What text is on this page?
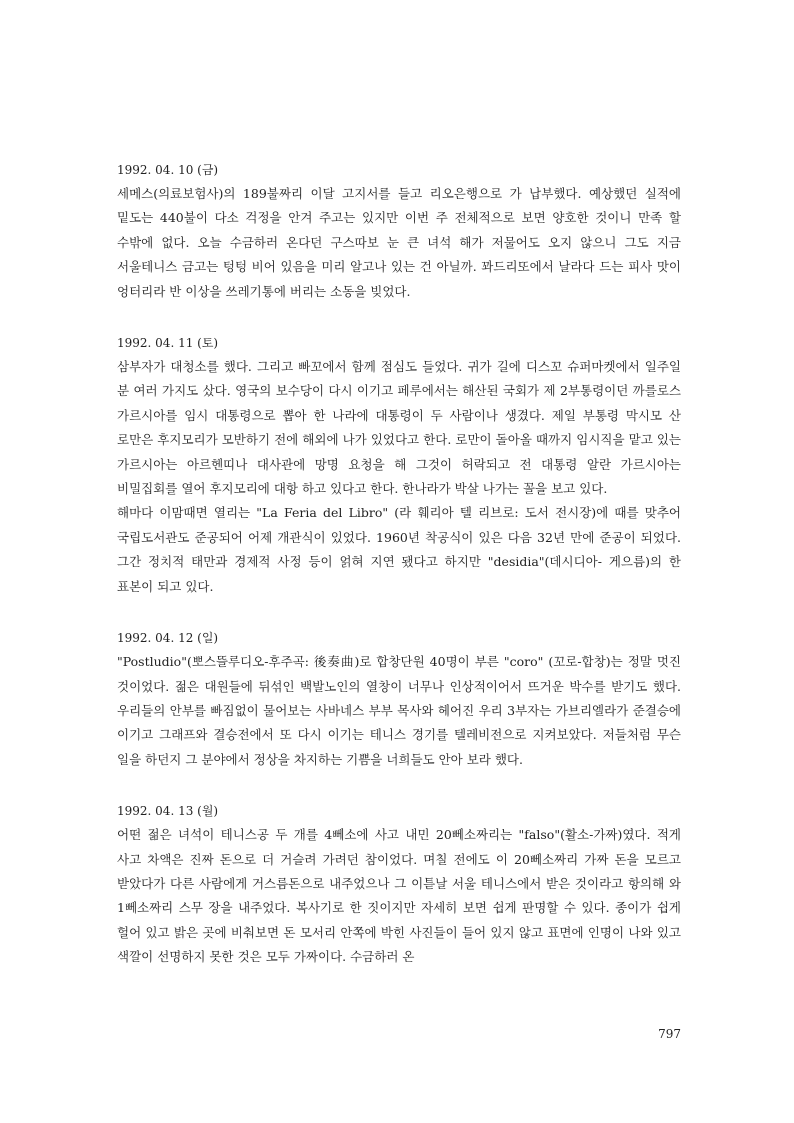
1992. 04. 10 (금)

세메스(의료보험사)의 189불짜리 이달 고지서를 들고 리오은행으로 가 납부했다. 예상했던 실적에 밑도는 440불이 다소 걱정을 안겨 주고는 있지만 이번 주 전체적으로 보면 양호한 것이니 만족 할 수밖에 없다. 오늘 수금하러 온다던 구스따보 눈 큰 녀석 해가 저물어도 오지 않으니 그도 지금 서울테니스 금고는 텅텅 비어 있음을 미리 알고나 있는 건 아닐까. 꽈드리또에서 날라다 드는 피사 맛이 엉터리라 반 이상을 쓰레기통에 버리는 소동을 빚었다.

1992. 04. 11 (토)

삼부자가 대청소를 했다. 그리고 빠꼬에서 함께 점심도 들었다. 귀가 길에 디스꼬 슈퍼마켓에서 일주일 분 여러 가지도 샀다. 영국의 보수당이 다시 이기고 페루에서는 해산된 국회가 제 2부통령이던 까를로스 가르시아를 임시 대통령으로 뽑아 한 나라에 대통령이 두 사람이나 생겼다. 제일 부통령 막시모 산 로만은 후지모리가 모반하기 전에 해외에 나가 있었다고 한다. 로만이 돌아올 때까지 임시직을 맡고 있는 가르시아는 아르헨띠나 대사관에 망명 요청을 해 그것이 허락되고 전 대통령 알란 가르시아는 비밀집회를 열어 후지모리에 대항 하고 있다고 한다. 한나라가 박살 나가는 꼴을 보고 있다.

해마다 이맘때면 열리는 "La Feria del Libro" (라 훼리아 텔 리브로: 도서 전시장)에 때를 맞추어 국립도서관도 준공되어 어제 개관식이 있었다. 1960년 착공식이 있은 다음 32년 만에 준공이 되었다. 그간 정치적 태만과 경제적 사정 등이 얽혀 지연 됐다고 하지만 "desidia"(데시디아- 게으름)의 한 표본이 되고 있다.

1992. 04. 12 (일)

"Postludio"(뽀스뜰루디오-후주곡: 後奏曲)로 합창단원 40명이 부른 "coro" (꼬로-합창)는 정말 멋진 것이었다. 젊은 대원들에 뒤섞인 백발노인의 열창이 너무나 인상적이어서 뜨거운 박수를 받기도 했다. 우리들의 안부를 빠짐없이 물어보는 사바네스 부부 목사와 헤어진 우리 3부자는 가브리엘라가 준결승에 이기고 그래프와 결승전에서 또 다시 이기는 테니스 경기를 텔레비전으로 지켜보았다. 저들처럼 무슨 일을 하던지 그 분야에서 정상을 차지하는 기쁨을 너희들도 안아 보라 했다.

1992. 04. 13 (월)

어떤 젊은 녀석이 테니스공 두 개를 4뻬소에 사고 내민 20뻬소짜리는 "falso"(활소-가짜)였다. 적게 사고 차액은 진짜 돈으로 더 거슬려 가려던 참이었다. 며칠 전에도 이 20뻬소짜리 가짜 돈을 모르고 받았다가 다른 사람에게 거스름돈으로 내주었으나 그 이튿날 서울 테니스에서 받은 것이라고 항의해 와 1뻬소짜리 스무 장을 내주었다. 복사기로 한 짓이지만 자세히 보면 쉽게 판명할 수 있다. 종이가 쉽게 헐어 있고 밝은 곳에 비춰보면 돈 모서리 안쪽에 박힌 사진들이 들어 있지 않고 표면에 인명이 나와 있고 색깔이 선명하지 못한 것은 모두 가짜이다. 수금하러 온

797
